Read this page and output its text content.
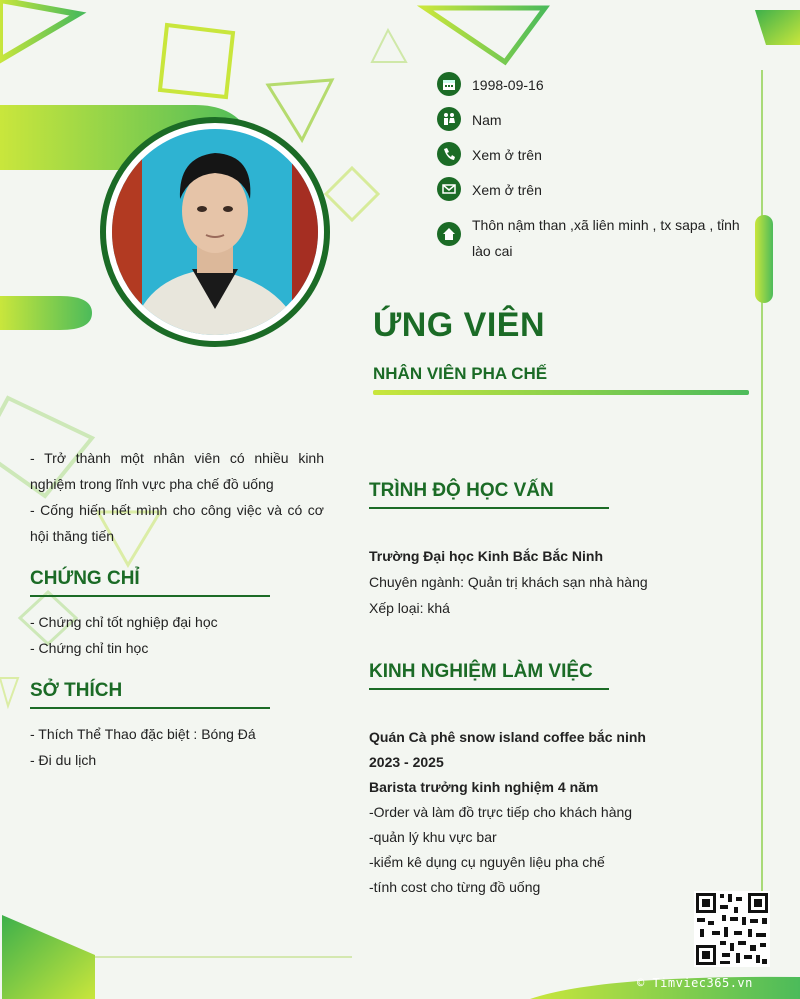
1998-09-16
Nam
Xem ở trên
Xem ở trên
Thôn nậm than ,xã liên minh , tx sapa , tỉnh lào cai
ỨNG VIÊN
NHÂN VIÊN PHA CHẾ
- Trở thành một nhân viên có nhiều kinh nghiệm trong lĩnh vực pha chế đồ uống
- Cống hiến hết mình cho công việc và có cơ hội thăng tiến
CHỨNG CHỈ
- Chứng chỉ tốt nghiệp đại học
- Chứng chỉ tin học
SỞ THÍCH
- Thích Thể Thao đặc biệt : Bóng Đá
- Đi du lịch
TRÌNH ĐỘ HỌC VẤN
Trường Đại học Kinh Bắc Bắc Ninh
Chuyên ngành: Quản trị khách sạn nhà hàng
Xếp loại: khá
KINH NGHIỆM LÀM VIỆC
Quán Cà phê snow island coffee bắc ninh
2023 - 2025
Barista trưởng kinh nghiệm 4 năm
-Order và làm đồ trực tiếp cho khách hàng
-quản lý khu vực bar
-kiểm kê dụng cụ nguyên liệu pha chế
-tính cost cho từng đồ uống
© Timviec365.vn
